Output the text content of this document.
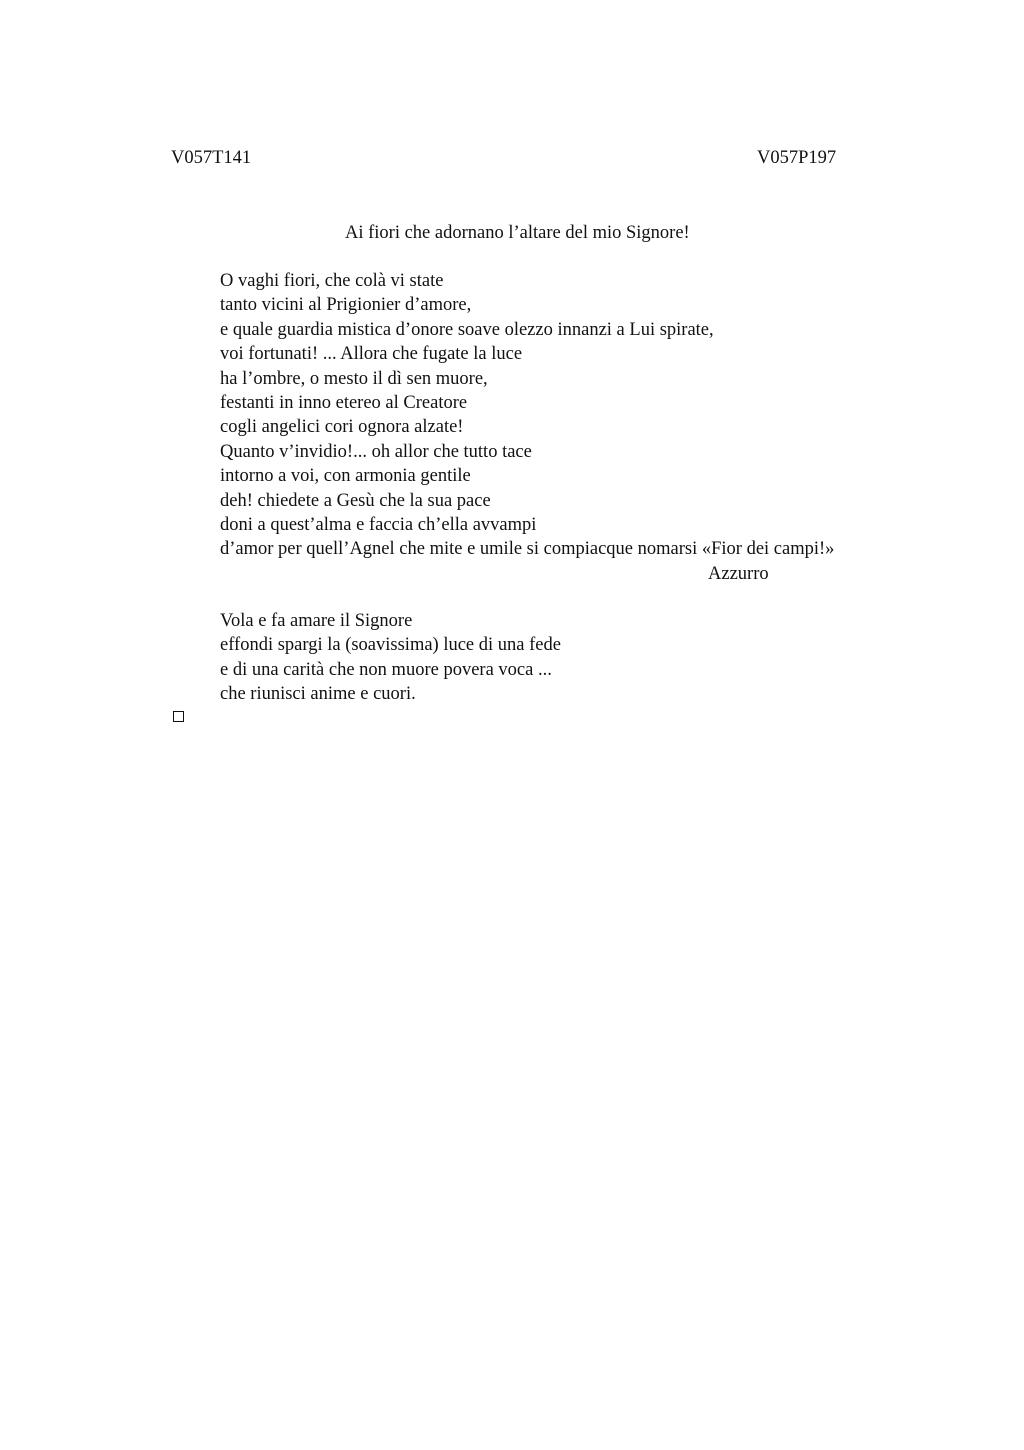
V057T141	V057P197
Ai fiori che adornano l’altare del mio Signore!
O vaghi fiori, che colà vi state
tanto vicini al Prigionier d’amore,
e quale guardia mistica d’onore soave olezzo innanzi a Lui spirate,
voi fortunati! ... Allora che fugate la luce
ha l’ombre, o mesto il dì sen muore,
festanti in inno etereo al Creatore
cogli angelici cori ognora alzate!
Quanto v’invidio!... oh allor che tutto tace
intorno a voi, con armonia gentile
deh! chiedete a Gesù che la sua pace
doni a quest’alma e faccia ch’ella avvampi
d’amor per quell’Agnel che mite e umile si compiacque nomarsi «Fior dei campi!»
Azzurro
Vola e fa amare il Signore
effondi spargi la (soavissima) luce di una fede
e di una carità che non muore povera voca ...
che riunisci anime e cuori.
